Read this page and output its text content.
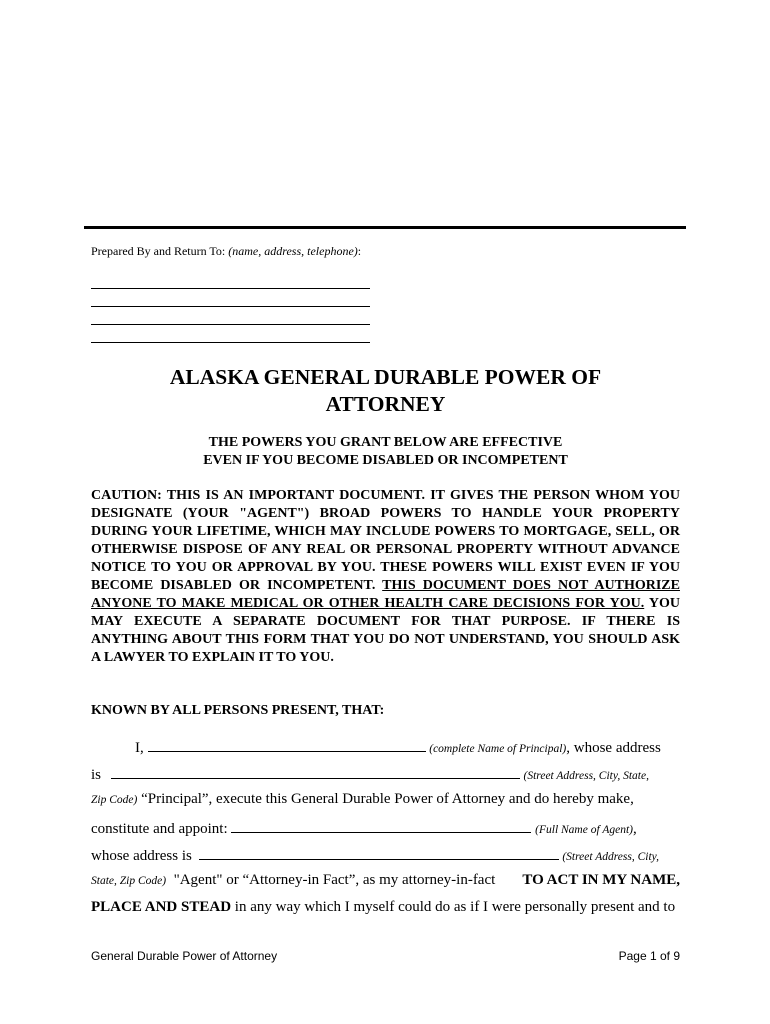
Prepared By and Return To: (name, address, telephone):
ALASKA GENERAL DURABLE POWER OF
ATTORNEY
THE POWERS YOU GRANT BELOW ARE EFFECTIVE
EVEN IF YOU BECOME DISABLED OR INCOMPETENT
CAUTION: THIS IS AN IMPORTANT DOCUMENT. IT GIVES THE PERSON WHOM YOU DESIGNATE (YOUR "AGENT") BROAD POWERS TO HANDLE YOUR PROPERTY DURING YOUR LIFETIME, WHICH MAY INCLUDE POWERS TO MORTGAGE, SELL, OR OTHERWISE DISPOSE OF ANY REAL OR PERSONAL PROPERTY WITHOUT ADVANCE NOTICE TO YOU OR APPROVAL BY YOU. THESE POWERS WILL EXIST EVEN IF YOU BECOME DISABLED OR INCOMPETENT. THIS DOCUMENT DOES NOT AUTHORIZE ANYONE TO MAKE MEDICAL OR OTHER HEALTH CARE DECISIONS FOR YOU. YOU MAY EXECUTE A SEPARATE DOCUMENT FOR THAT PURPOSE. IF THERE IS ANYTHING ABOUT THIS FORM THAT YOU DO NOT UNDERSTAND, YOU SHOULD ASK A LAWYER TO EXPLAIN IT TO YOU.
KNOWN BY ALL PERSONS PRESENT, THAT:
I,	(complete Name of Principal), whose address
is	(Street Address, City, State,
Zip Code) “Principal”, execute this General Durable Power of Attorney and do hereby make,
constitute and appoint:	(Full Name of Agent),
whose address is	(Street Address, City,
State, Zip Code) "Agent" or “Attorney-in Fact”, as my attorney-in-fact TO ACT IN MY NAME,
PLACE AND STEAD in any way which I myself could do as if I were personally present and to
General Durable Power of Attorney	Page 1 of 9
